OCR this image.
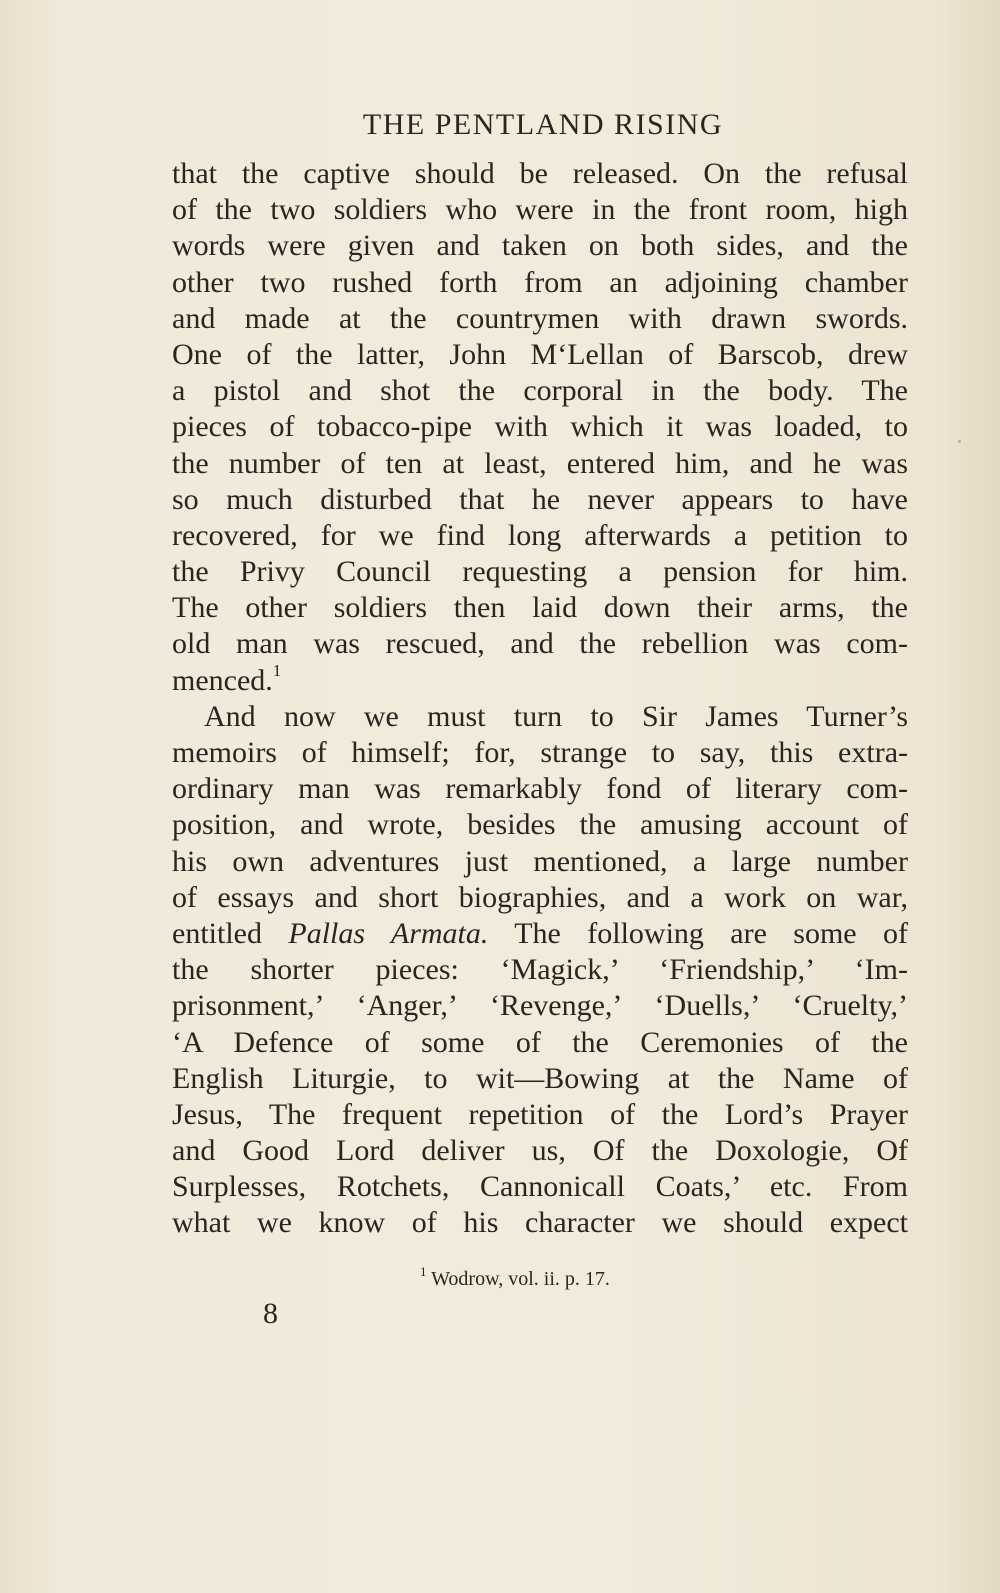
THE PENTLAND RISING
that the captive should be released. On the refusal
of the two soldiers who were in the front room, high
words were given and taken on both sides, and the
other two rushed forth from an adjoining chamber
and made at the countrymen with drawn swords.
One of the latter, John M‘Lellan of Barscob, drew
a pistol and shot the corporal in the body. The
pieces of tobacco-pipe with which it was loaded, to
the number of ten at least, entered him, and he was
so much disturbed that he never appears to have
recovered, for we find long afterwards a petition to
the Privy Council requesting a pension for him.
The other soldiers then laid down their arms, the
old man was rescued, and the rebellion was com-
menced.$^1$
And now we must turn to Sir James Turner’s
memoirs of himself; for, strange to say, this extra-
ordinary man was remarkably fond of literary com-
position, and wrote, besides the amusing account of
his own adventures just mentioned, a large number
of essays and short biographies, and a work on war,
entitled Pallas Armata. The following are some of
the shorter pieces: ‘Magick,’ ‘Friendship,’ ‘Im-
prisonment,’ ‘Anger,’ ‘Revenge,’ ‘Duells,’ ‘Cruelty,’
‘A Defence of some of the Ceremonies of the
English Liturgie, to wit—Bowing at the Name of
Jesus, The frequent repetition of the Lord’s Prayer
and Good Lord deliver us, Of the Doxologie, Of
Surplesses, Rotchets, Cannonicall Coats,’ etc. From
what we know of his character we should expect
$^1$ Wodrow, vol. ii. p. 17.
8
